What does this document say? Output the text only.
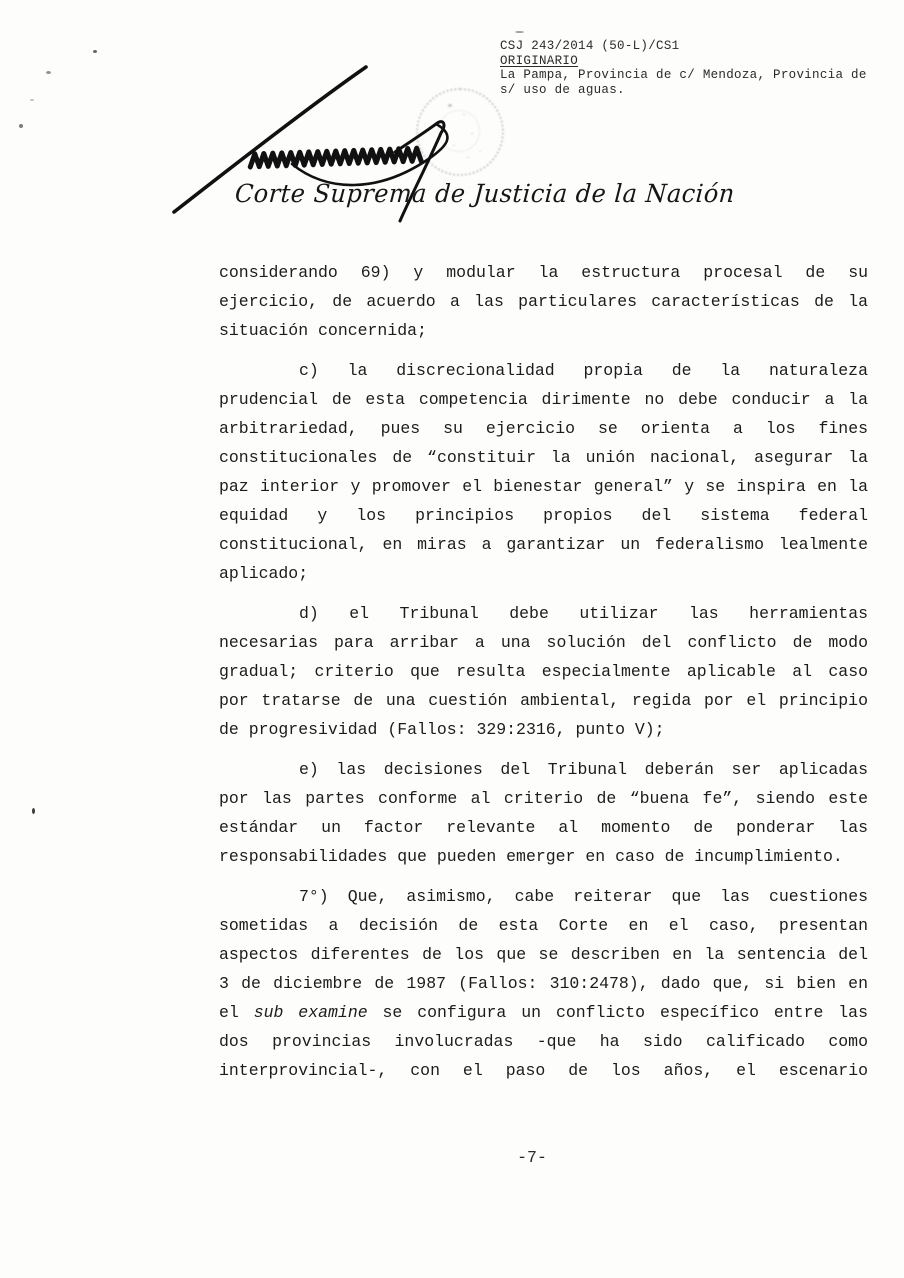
CSJ 243/2014 (50-L)/CS1
ORIGINARIO
La Pampa, Provincia de c/ Mendoza, Provincia de
s/ uso de aguas.
Corte Suprema de Justicia de la Nación
considerando 69) y modular la estructura procesal de su
ejercicio, de acuerdo a las particulares características de la
situación concernida;
c) la discrecionalidad propia de la naturaleza
prudencial de esta competencia dirimente no debe conducir a la
arbitrariedad, pues su ejercicio se orienta a los fines
constitucionales de “constituir la unión nacional, asegurar la
paz interior y promover el bienestar general” y se inspira en la
equidad y los principios propios del sistema federal
constitucional, en miras a garantizar un federalismo lealmente
aplicado;
d) el Tribunal debe utilizar las herramientas
necesarias para arribar a una solución del conflicto de modo
gradual; criterio que resulta especialmente aplicable al caso
por tratarse de una cuestión ambiental, regida por el principio
de progresividad (Fallos: 329:2316, punto V);
e) las decisiones del Tribunal deberán ser aplicadas
por las partes conforme al criterio de “buena fe”, siendo este
estándar un factor relevante al momento de ponderar las
responsabilidades que pueden emerger en caso de incumplimiento.
7°) Que, asimismo, cabe reiterar que las cuestiones
sometidas a decisión de esta Corte en el caso, presentan
aspectos diferentes de los que se describen en la sentencia del
3 de diciembre de 1987 (Fallos: 310:2478), dado que, si bien en
el sub examine se configura un conflicto específico entre las
dos provincias involucradas -que ha sido calificado como
interprovincial-, con el paso de los años, el escenario
-7-
